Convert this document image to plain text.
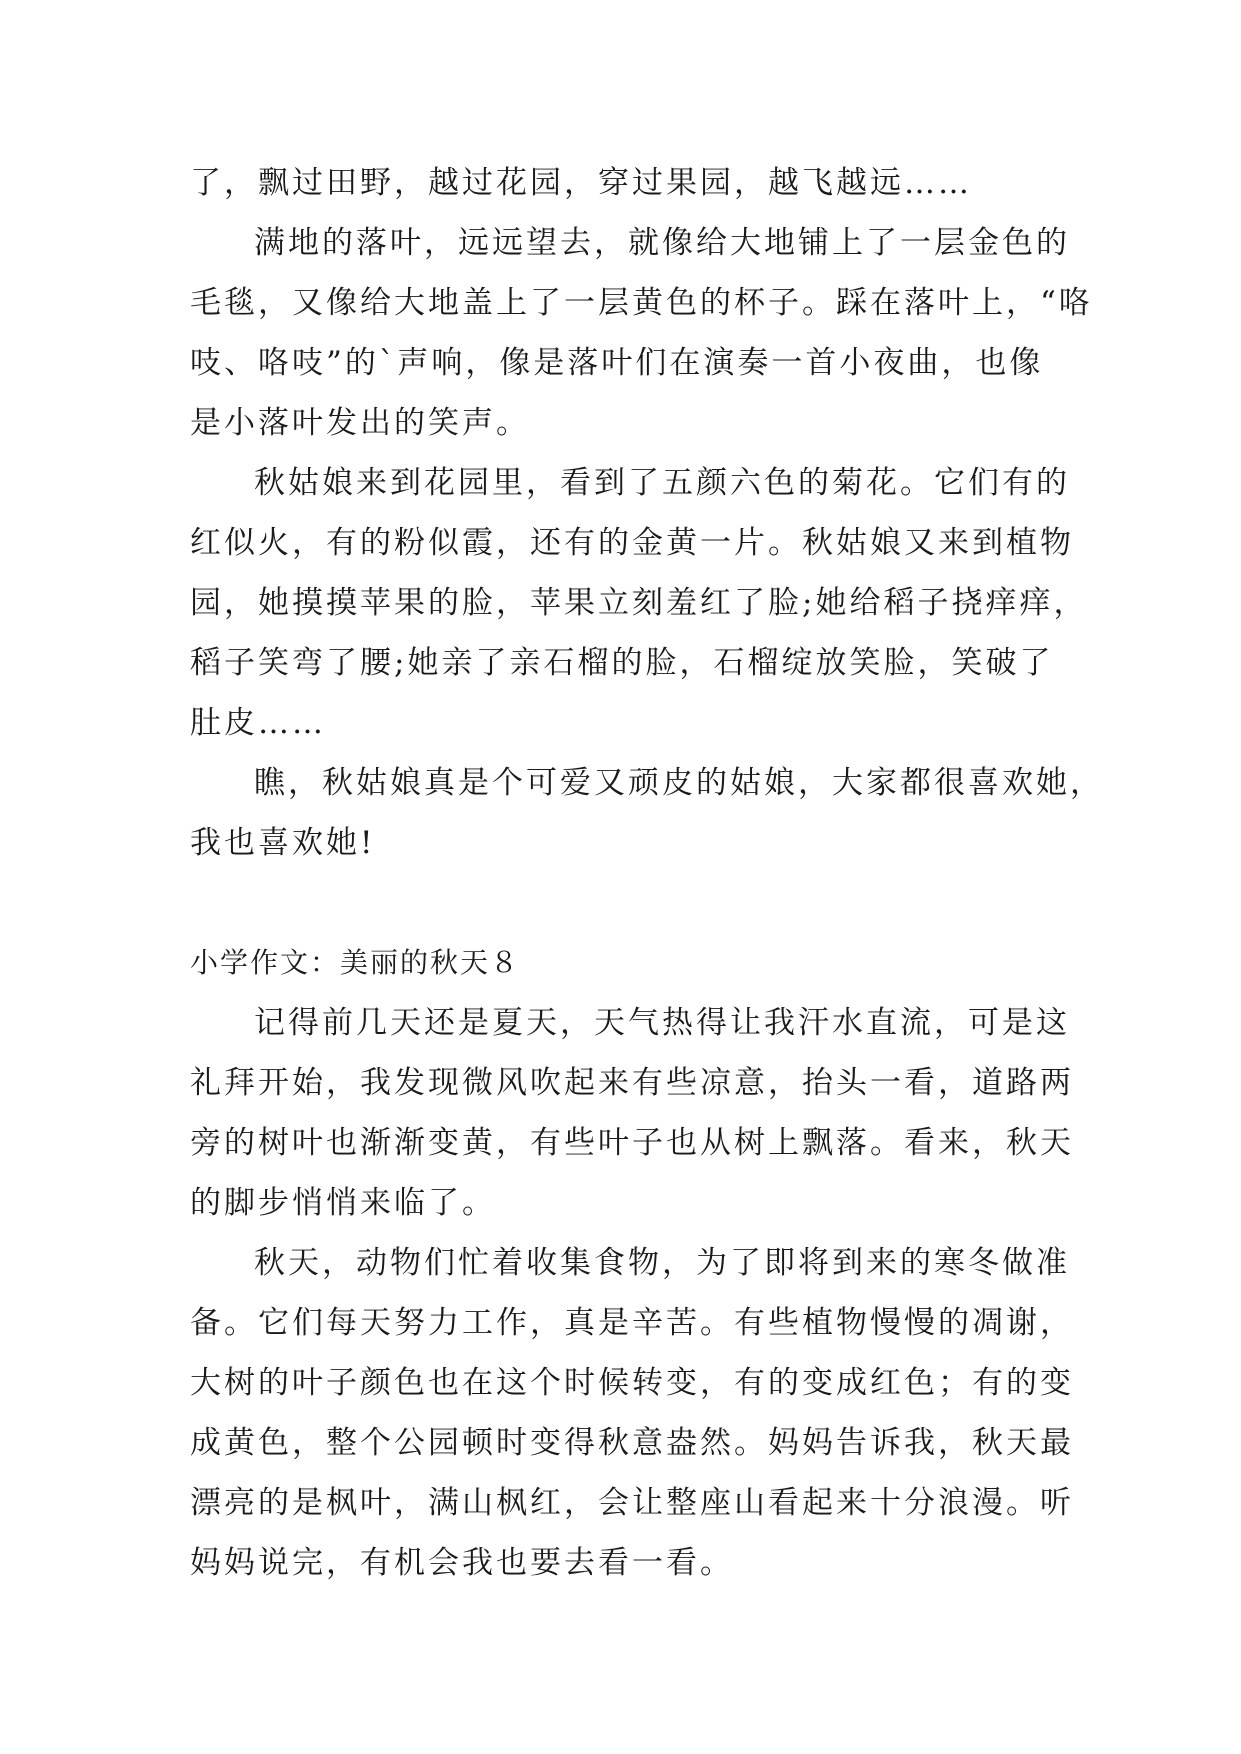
了，飘过田野，越过花园，穿过果园，越飞越远……
满地的落叶，远远望去，就像给大地铺上了一层金色的
毛毯，又像给大地盖上了一层黄色的杯子。踩在落叶上，“咯
吱、咯吱”的`声响，像是落叶们在演奏一首小夜曲，也像
是小落叶发出的笑声。
秋姑娘来到花园里，看到了五颜六色的菊花。它们有的
红似火，有的粉似霞，还有的金黄一片。秋姑娘又来到植物
园，她摸摸苹果的脸，苹果立刻羞红了脸;她给稻子挠痒痒，
稻子笑弯了腰;她亲了亲石榴的脸，石榴绽放笑脸，笑破了
肚皮……
瞧，秋姑娘真是个可爱又顽皮的姑娘，大家都很喜欢她，
我也喜欢她!
小学作文：美丽的秋天８
记得前几天还是夏天，天气热得让我汗水直流，可是这
礼拜开始，我发现微风吹起来有些凉意，抬头一看，道路两
旁的树叶也渐渐变黄，有些叶子也从树上飘落。看来，秋天
的脚步悄悄来临了。
秋天，动物们忙着收集食物，为了即将到来的寒冬做准
备。它们每天努力工作，真是辛苦。有些植物慢慢的凋谢，
大树的叶子颜色也在这个时候转变，有的变成红色；有的变
成黄色，整个公园顿时变得秋意盎然。妈妈告诉我，秋天最
漂亮的是枫叶，满山枫红，会让整座山看起来十分浪漫。听
妈妈说完，有机会我也要去看一看。
